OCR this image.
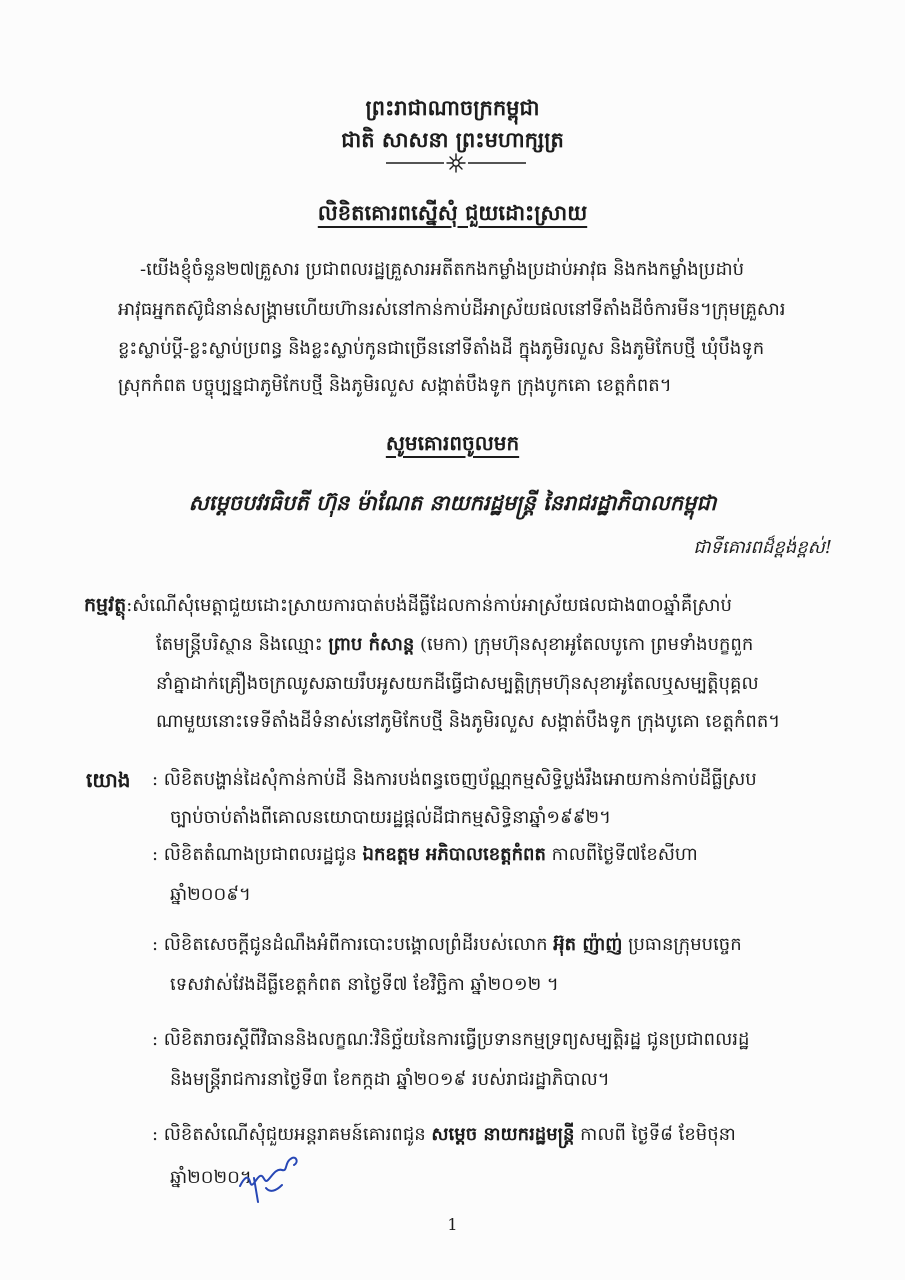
ព្រះរាជាណាចក្រកម្ពុជា
ជាតិ សាសនា ព្រះមហាក្សត្រ
លិខិតគោរពស្នើសុំ ជួយដោះស្រាយ
-យើងខ្ញុំចំនួន២៧គ្រួសារ ប្រជាពលរដ្ឋគ្រួសារអតីតកងកម្លាំងប្រដាប់អាវុធ និងកងកម្លាំងប្រដាប់
អាវុធអ្នកតស៊ូជំនាន់សង្គ្រាមហើយហ៊ានរស់នៅកាន់កាប់ដីអាស្រ័យផលនៅទីតាំងដីចំការមីន។ក្រុមគ្រួសារ
ខ្លះស្លាប់ប្តី-ខ្លះស្លាប់ប្រពន្ធ និងខ្លះស្លាប់កូនជាច្រើននៅទីតាំងដី ក្នុងភូមិរលួស និងភូមិកែបថ្មី ឃុំបឹងទូក
ស្រុកកំពត បច្ចុប្បន្នជាភូមិកែបថ្មី និងភូមិរលួស សង្កាត់បឹងទូក ក្រុងបូកគោ ខេត្តកំពត។
សូមគោរពចូលមក
សម្តេចបវរធិបតី ហ៊ុន ម៉ាណែត នាយករដ្ឋមន្ត្រី នៃរាជរដ្ឋាភិបាលកម្ពុជា
ជាទីគោរពដ៏ខ្ពង់ខ្ពស់!
កម្មវត្ថុ:សំណើសុំមេត្តាជួយដោះស្រាយការបាត់បង់ដីធ្លីដែលកាន់កាប់អាស្រ័យផលជាង៣០ឆ្នាំគឺស្រាប់
តែមន្ត្រីបរិស្ថាន និងឈ្មោះ ព្រាប កំសាន្ត (មេកា) ក្រុមហ៊ុនសុខាអូតែលបូកោ ព្រមទាំងបក្ខពួក
នាំគ្នាដាក់គ្រឿងចក្រឈូសឆាយរឹបអូសយកដីធ្វើជាសម្បត្តិក្រុមហ៊ុនសុខាអូតែលឬសម្បត្តិបុគ្គល
ណាមួយនោះទេទីតាំងដីទំនាស់នៅភូមិកែបថ្មី និងភូមិរលួស សង្កាត់បឹងទូក ក្រុងបូគោ ខេត្តកំពត។
យោង	: លិខិតបង្ហាន់ដៃសុំកាន់កាប់ដី និងការបង់ពន្ធចេញប័ណ្ណកម្មសិទ្ធិប្លង់រឹងអោយកាន់កាប់ដីធ្លីស្រប
ច្បាប់ចាប់តាំងពីគោលនយោបាយរដ្ឋផ្តល់ដីជាកម្មសិទ្ធិនាឆ្នាំ១៩៩២។
: លិខិតតំណាងប្រជាពលរដ្ឋជូន ឯកឧត្តម អភិបាលខេត្តកំពត កាលពីថ្ងៃទី៧ខែសីហា
ឆ្នាំ២០០៩។
: លិខិតសេចក្តីជូនដំណឹងអំពីការបោះបង្គោលព្រំដីរបស់លោក អ៊ុត ញ៉ាញ់ ប្រធានក្រុមបច្ចេក
ទេសវាស់វែងដីធ្លីខេត្តកំពត នាថ្ងៃទី៧ ខែវិច្ឆិកា ឆ្នាំ២០១២ ។
: លិខិតរាចរស្តីពីវិធាននិងលក្ខណៈវិនិច្ឆ័យនៃការធ្វើប្រទានកម្មទ្រព្យសម្បត្តិរដ្ឋ ជូនប្រជាពលរដ្ឋ
និងមន្ត្រីរាជការនាថ្ងៃទី៣ ខែកក្កដា ឆ្នាំ២០១៩ របស់រាជរដ្ឋាភិបាល។
: លិខិតសំណើសុំជួយអន្តរាគមន៍គោរពជូន សម្តេច នាយករដ្ឋមន្ត្រី កាលពី ថ្ងៃទី៨ ខែមិថុនា
ឆ្នាំ២០២០។
1
